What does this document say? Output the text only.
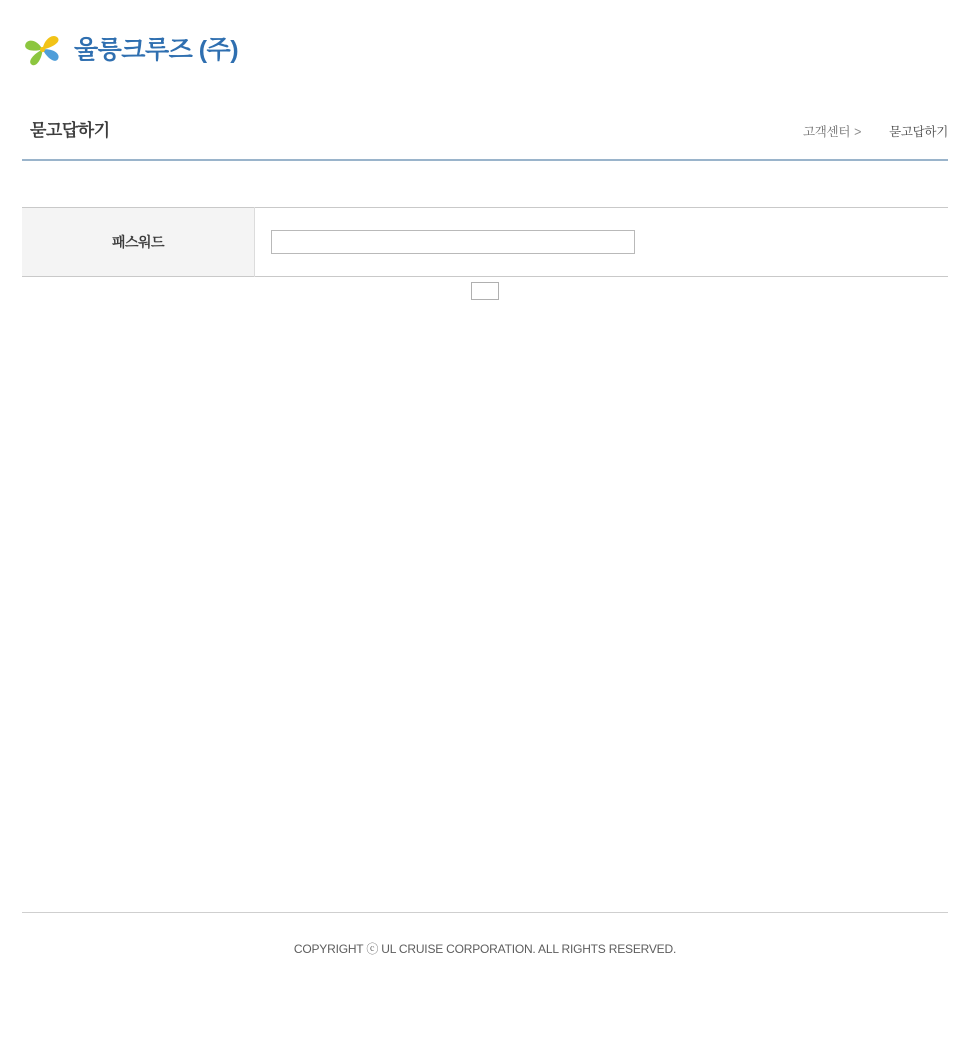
울릉크루즈 (주)
묻고답하기	고객센터 > 묻고답하기
패스워드	
COPYRIGHT ⓒ UL CRUISE CORPORATION. ALL RIGHTS RESERVED.
